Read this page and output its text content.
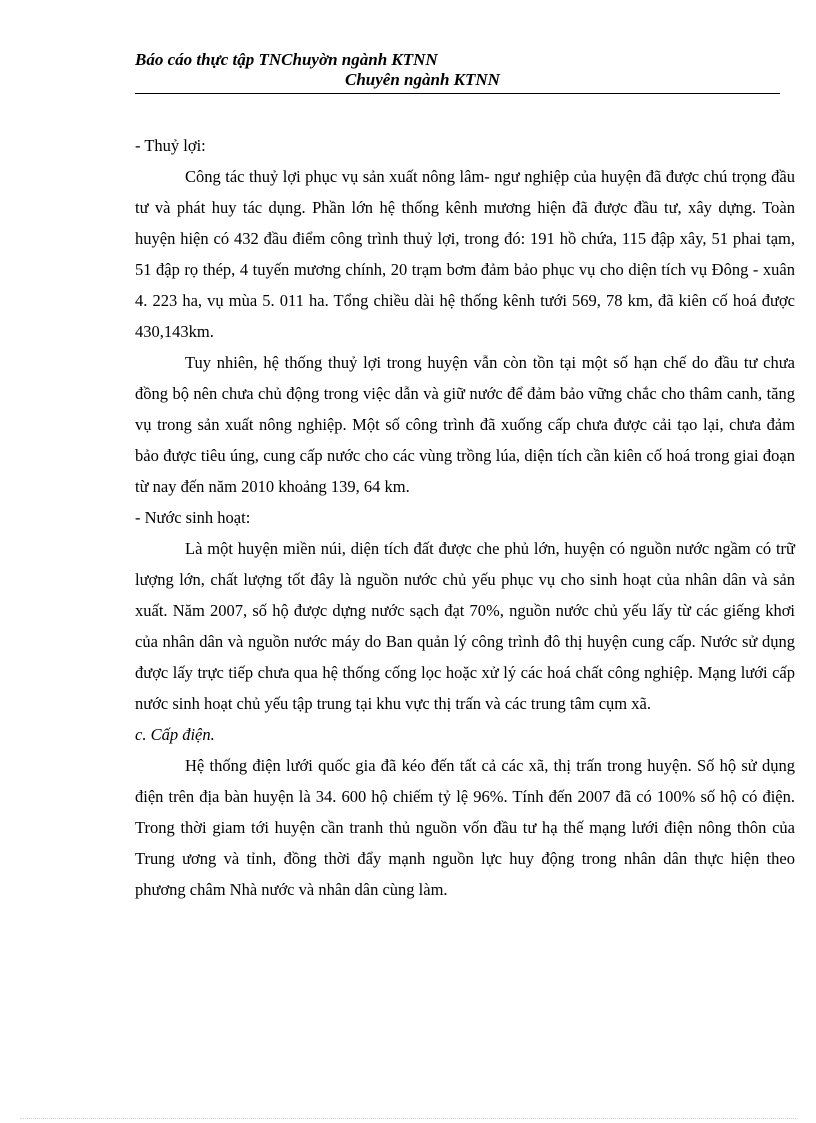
Báo cáo thực tập TNChuyờn ngành KTNN
Chuyên ngành KTNN

- Thuỷ lợi:

Công tác thuỷ lợi phục vụ sản xuất nông lâm- ngư nghiệp của huyện đã được chú trọng đầu tư và phát huy tác dụng. Phần lớn hệ thống kênh mương hiện đã được đầu tư, xây dựng. Toàn huyện hiện có 432 đầu điểm công trình thuỷ lợi, trong đó: 191 hồ chứa, 115 đập xây, 51 phai tạm, 51 đập rọ thép, 4 tuyến mương chính, 20 trạm bơm đảm bảo phục vụ cho diện tích vụ Đông - xuân 4. 223 ha, vụ mùa 5. 011 ha. Tổng chiều dài hệ thống kênh tưới 569, 78 km, đã kiên cố hoá được 430,143km.

Tuy nhiên, hệ thống thuỷ lợi trong huyện vẫn còn tồn tại một số hạn chế do đầu tư chưa đồng bộ nên chưa chủ động trong việc dẫn và giữ nước để đảm bảo vững chắc cho thâm canh, tăng vụ trong sản xuất nông nghiệp. Một số công trình đã xuống cấp chưa được cải tạo lại, chưa đảm bảo được tiêu úng, cung cấp nước cho các vùng trồng lúa, diện tích cần kiên cố hoá trong giai đoạn từ nay đến năm 2010 khoảng 139, 64 km.

- Nước sinh hoạt:

Là một huyện miền núi, diện tích đất được che phủ lớn, huyện có nguồn nước ngầm có trữ lượng lớn, chất lượng tốt đây là nguồn nước chủ yếu phục vụ cho sinh hoạt của nhân dân và sản xuất. Năm 2007, số hộ được dựng nước sạch đạt 70%, nguồn nước chủ yếu lấy từ các giếng khơi của nhân dân và nguồn nước máy do Ban quản lý công trình đô thị huyện cung cấp. Nước sử dụng được lấy trực tiếp chưa qua hệ thống cống lọc hoặc xử lý các hoá chất công nghiệp. Mạng lưới cấp nước sinh hoạt chủ yếu tập trung tại khu vực thị trấn và các trung tâm cụm xã.

c. Cấp điện.

Hệ thống điện lưới quốc gia đã kéo đến tất cả các xã, thị trấn trong huyện. Số hộ sử dụng điện trên địa bàn huyện là 34. 600 hộ chiếm tỷ lệ 96%. Tính đến 2007 đã có 100% số hộ có điện. Trong thời giam tới huyện cần tranh thủ nguồn vốn đầu tư hạ thế mạng lưới điện nông thôn của Trung ương và tỉnh, đồng thời đẩy mạnh nguồn lực huy động trong nhân dân thực hiện theo phương châm Nhà nước và nhân dân cùng làm.
